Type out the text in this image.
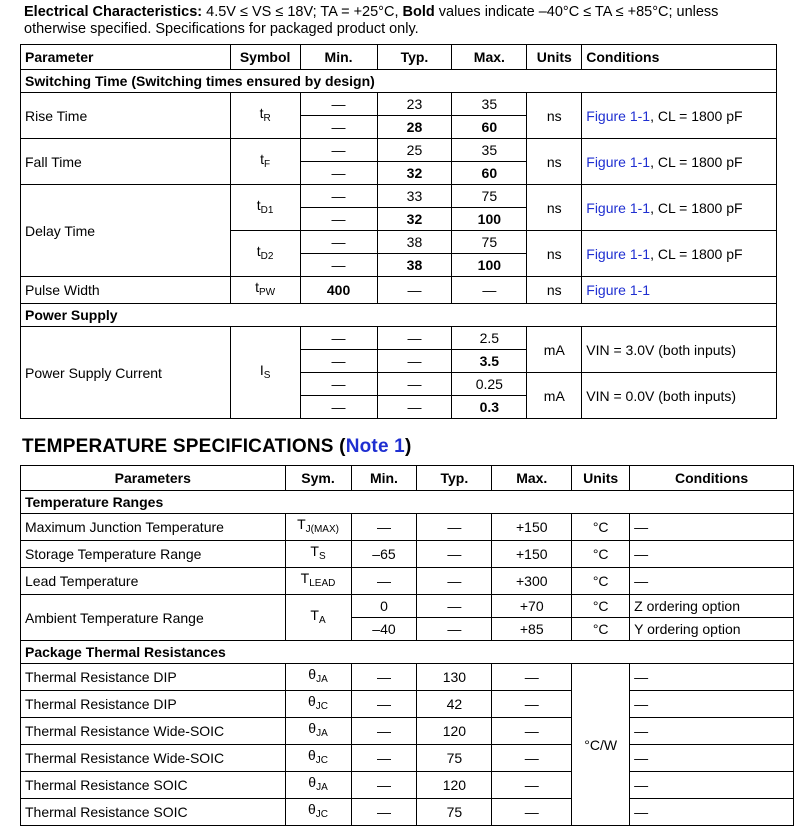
Electrical Characteristics: 4.5V ≤ VS ≤ 18V; TA = +25°C, Bold values indicate –40°C ≤ TA ≤ +85°C; unless otherwise specified. Specifications for packaged product only.
Parameter	Symbol	Min.	Typ.	Max.	Units	Conditions
Switching Time (Switching times ensured by design)						
Rise Time	$t_R$	—	23	35	ns	Figure 1-1, CL = 1800 pF
		—	28	60		
Fall Time	$t_F$	—	25	35	ns	Figure 1-1, CL = 1800 pF
		—	32	60		
Delay Time	$t_{D1}$	—	33	75	ns	Figure 1-1, CL = 1800 pF
		—	32	100		
	$t_{D2}$	—	38	75	ns	Figure 1-1, CL = 1800 pF
		—	38	100		
Pulse Width	$t_{PW}$	400	—	—	ns	Figure 1-1
Power Supply						
Power Supply Current	$I_S$	—	—	2.5	mA	VIN = 3.0V (both inputs)
		—	—	3.5		
		—	—	0.25	mA	VIN = 0.0V (both inputs)
		—	—	0.3		
TEMPERATURE SPECIFICATIONS (Note 1)
Parameters	Sym.	Min.	Typ.	Max.	Units	Conditions
Temperature Ranges						
Maximum Junction Temperature	$T_{J(MAX)}$	—	—	+150	°C	—
Storage Temperature Range	$T_S$	–65	—	+150	°C	—
Lead Temperature	$T_{LEAD}$	—	—	+300	°C	—
Ambient Temperature Range	$T_A$	0	—	+70	°C	Z ordering option
		–40	—	+85	°C	Y ordering option
Package Thermal Resistances						
Thermal Resistance DIP	$\theta_{JA}$	—	130	—	°C/W	—
Thermal Resistance DIP	$\theta_{JC}$	—	42	—		—
Thermal Resistance Wide-SOIC	$\theta_{JA}$	—	120	—		—
Thermal Resistance Wide-SOIC	$\theta_{JC}$	—	75	—		—
Thermal Resistance SOIC	$\theta_{JA}$	—	120	—		—
Thermal Resistance SOIC	$\theta_{JC}$	—	75	—		—
